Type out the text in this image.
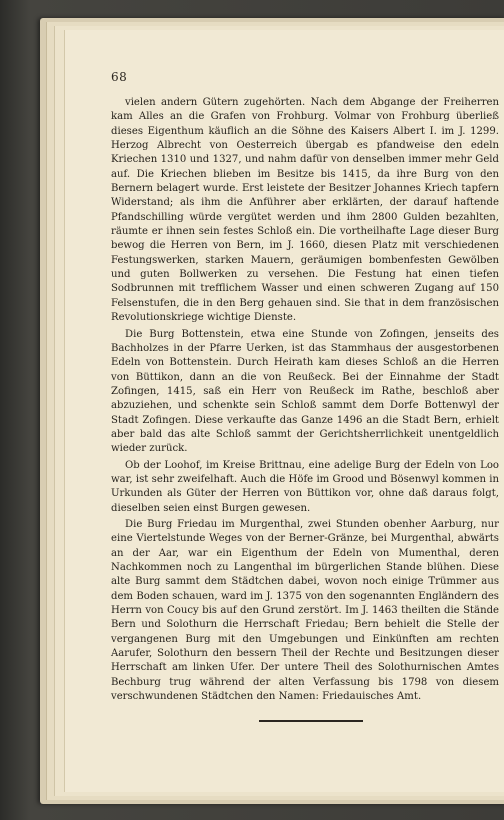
68

vielen andern Gütern zugehörten. Nach dem Abgange der Freiherren kam Alles an die Grafen von Frohburg. Volmar von Frohburg überließ dieses Eigenthum käuflich an die Söhne des Kaisers Albert I. im J. 1299. Herzog Albrecht von Oesterreich übergab es pfandweise den edeln Kriechen 1310 und 1327, und nahm dafür von denselben immer mehr Geld auf. Die Kriechen blieben im Besitze bis 1415, da ihre Burg von den Bernern belagert wurde. Erst leistete der Besitzer Johannes Kriech tapfern Widerstand; als ihm die Anführer aber erklärten, der darauf haftende Pfandschilling würde vergütet werden und ihm 2800 Gulden bezahlten, räumte er ihnen sein festes Schloß ein. Die vortheilhafte Lage dieser Burg bewog die Herren von Bern, im J. 1660, diesen Platz mit verschiedenen Festungswerken, starken Mauern, geräumigen bombenfesten Gewölben und guten Bollwerken zu versehen. Die Festung hat einen tiefen Sodbrunnen mit trefflichem Wasser und einen schweren Zugang auf 150 Felsenstufen, die in den Berg gehauen sind. Sie that in dem französischen Revolutionskriege wichtige Dienste.

Die Burg Bottenstein, etwa eine Stunde von Zofingen, jenseits des Bachholzes in der Pfarre Uerken, ist das Stammhaus der ausgestorbenen Edeln von Bottenstein. Durch Heirath kam dieses Schloß an die Herren von Büttikon, dann an die von Reußeck. Bei der Einnahme der Stadt Zofingen, 1415, saß ein Herr von Reußeck im Rathe, beschloß aber abzuziehen, und schenkte sein Schloß sammt dem Dorfe Bottenwyl der Stadt Zofingen. Diese verkaufte das Ganze 1496 an die Stadt Bern, erhielt aber bald das alte Schloß sammt der Gerichtsherrlichkeit unentgeldlich wieder zurück.

Ob der Loohof, im Kreise Brittnau, eine adelige Burg der Edeln von Loo war, ist sehr zweifelhaft. Auch die Höfe im Grood und Bösenwyl kommen in Urkunden als Güter der Herren von Büttikon vor, ohne daß daraus folgt, dieselben seien einst Burgen gewesen.

Die Burg Friedau im Murgenthal, zwei Stunden obenher Aarburg, nur eine Viertelstunde Weges von der Berner-Gränze, bei Murgenthal, abwärts an der Aar, war ein Eigenthum der Edeln von Mumenthal, deren Nachkommen noch zu Langenthal im bürgerlichen Stande blühen. Diese alte Burg sammt dem Städtchen dabei, wovon noch einige Trümmer aus dem Boden schauen, ward im J. 1375 von den sogenannten Engländern des Herrn von Coucy bis auf den Grund zerstört. Im J. 1463 theilten die Stände Bern und Solothurn die Herrschaft Friedau; Bern behielt die Stelle der vergangenen Burg mit den Umgebungen und Einkünften am rechten Aarufer, Solothurn den bessern Theil der Rechte und Besitzungen dieser Herrschaft am linken Ufer. Der untere Theil des Solothurnischen Amtes Bechburg trug während der alten Verfassung bis 1798 von diesem verschwundenen Städtchen den Namen: Friedauisches Amt.
